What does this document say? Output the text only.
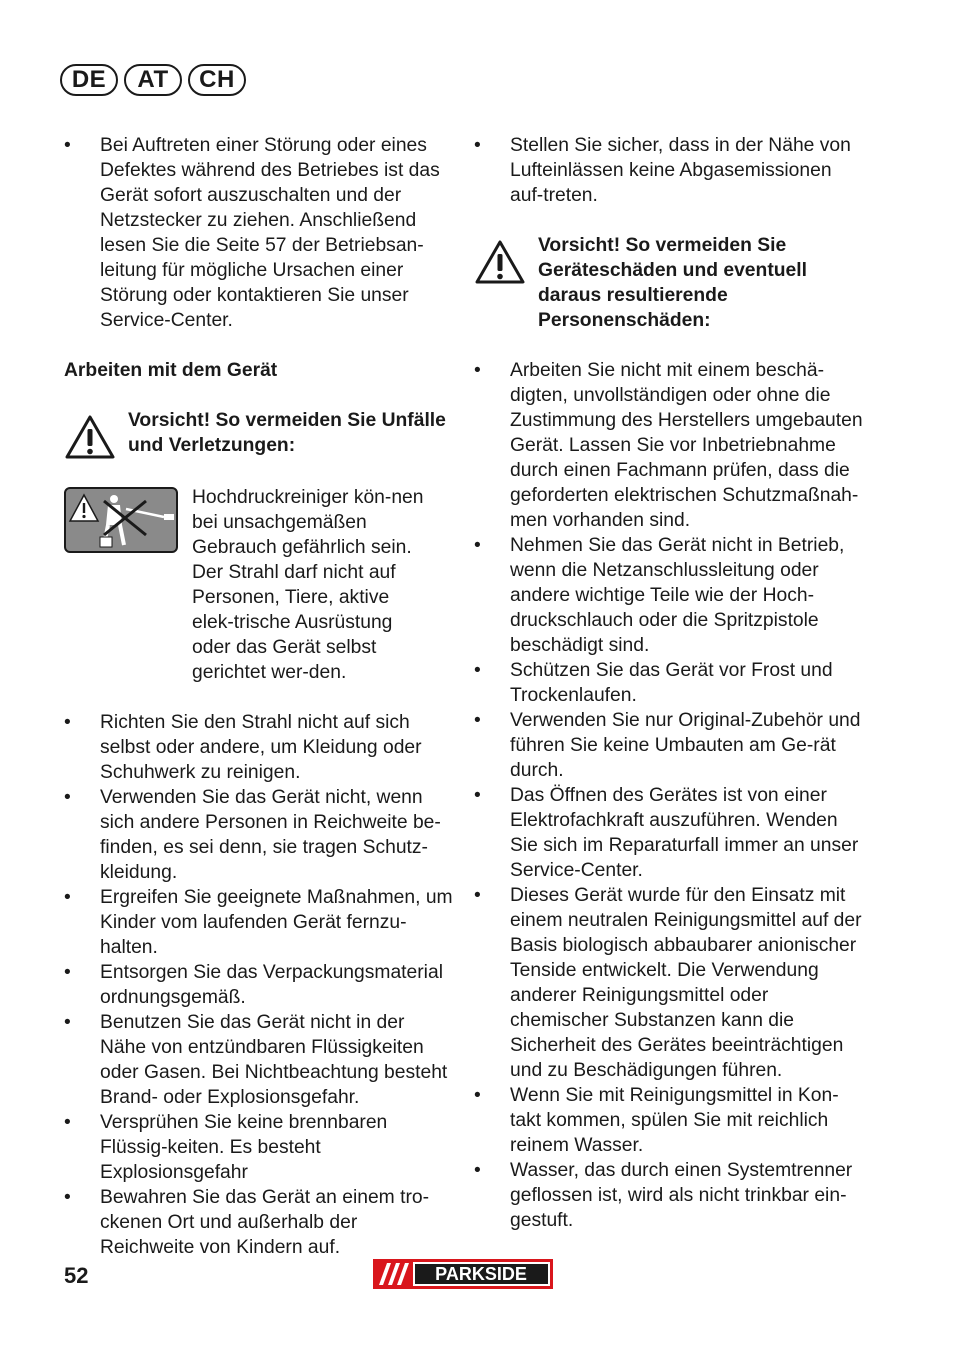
DE	AT	CH
• Bei Auftreten einer Störung oder eines Defektes während des Betriebes ist das Gerät sofort auszuschalten und der Netzstecker zu ziehen. Anschließend lesen Sie die Seite 57 der Betriebsan-leitung für mögliche Ursachen einer Störung oder kontaktieren Sie unser Service-Center.

Arbeiten mit dem Gerät

Vorsicht! So vermeiden Sie Unfälle und Verletzungen:
Hochdruckreiniger kön-nen bei unsachgemäßen Gebrauch gefährlich sein. Der Strahl darf nicht auf Personen, Tiere, aktive elek-trische Ausrüstung oder das Gerät selbst gerichtet wer-den.
• Richten Sie den Strahl nicht auf sich selbst oder andere, um Kleidung oder Schuhwerk zu reinigen.
• Verwenden Sie das Gerät nicht, wenn sich andere Personen in Reichweite be-finden, es sei denn, sie tragen Schutz-kleidung.
• Ergreifen Sie geeignete Maßnahmen, um Kinder vom laufenden Gerät fernzu-halten.
• Entsorgen Sie das Verpackungsmaterial ordnungsgemäß.
• Benutzen Sie das Gerät nicht in der Nähe von entzündbaren Flüssigkeiten oder Gasen. Bei Nichtbeachtung besteht Brand- oder Explosionsgefahr.
• Versprühen Sie keine brennbaren Flüssig-keiten. Es besteht Explosionsgefahr
• Bewahren Sie das Gerät an einem tro-ckenen Ort und außerhalb der Reichweite von Kindern auf.
• Stellen Sie sicher, dass in der Nähe von Lufteinlässen keine Abgasemissionen auf-treten.
Vorsicht! So vermeiden Sie Geräteschäden und eventuell daraus resultierende Personenschäden:
• Arbeiten Sie nicht mit einem beschä-digten, unvollständigen oder ohne die Zustimmung des Herstellers umgebauten Gerät. Lassen Sie vor Inbetriebnahme durch einen Fachmann prüfen, dass die geforderten elektrischen Schutzmaßnah-men vorhanden sind.
• Nehmen Sie das Gerät nicht in Betrieb, wenn die Netzanschlussleitung oder andere wichtige Teile wie der Hoch-druckschlauch oder die Spritzpistole beschädigt sind.
• Schützen Sie das Gerät vor Frost und Trockenlaufen.
• Verwenden Sie nur Original-Zubehör und führen Sie keine Umbauten am Ge-rät durch.
• Das Öffnen des Gerätes ist von einer Elektrofachkraft auszuführen. Wenden Sie sich im Reparaturfall immer an unser Service-Center.
• Dieses Gerät wurde für den Einsatz mit einem neutralen Reinigungsmittel auf der Basis biologisch abbaubarer anionischer Tenside entwickelt. Die Verwendung anderer Reinigungsmittel oder chemischer Substanzen kann die Sicherheit des Gerätes beeinträchtigen und zu Beschädigungen führen.
• Wenn Sie mit Reinigungsmittel in Kon-takt kommen, spülen Sie mit reichlich reinem Wasser.
• Wasser, das durch einen Systemtrenner geflossen ist, wird als nicht trinkbar ein-gestuft.
52	PARKSIDE
